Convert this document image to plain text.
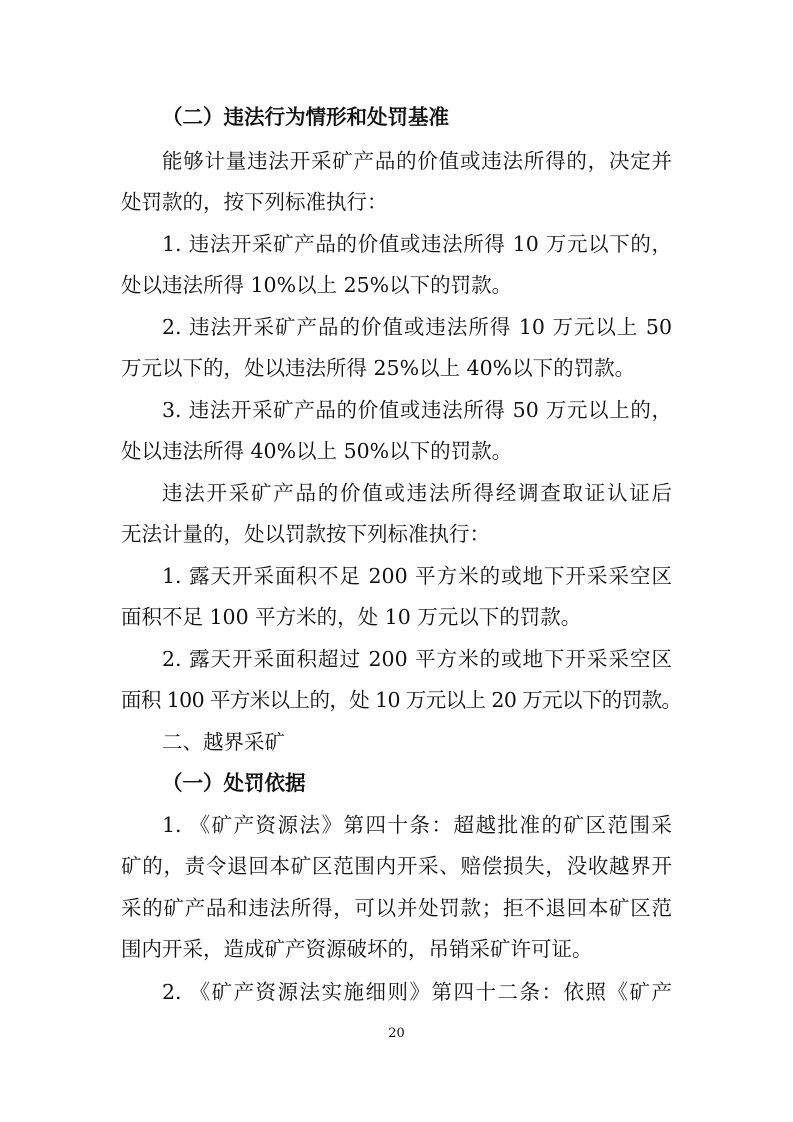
（二）违法行为情形和处罚基准
能够计量违法开采矿产品的价值或违法所得的，决定并
处罚款的，按下列标准执行：
1. 违法开采矿产品的价值或违法所得 10 万元以下的，
处以违法所得 10%以上 25%以下的罚款。
2. 违法开采矿产品的价值或违法所得 10 万元以上 50
万元以下的，处以违法所得 25%以上 40%以下的罚款。
3. 违法开采矿产品的价值或违法所得 50 万元以上的，
处以违法所得 40%以上 50%以下的罚款。
违法开采矿产品的价值或违法所得经调查取证认证后
无法计量的，处以罚款按下列标准执行：
1. 露天开采面积不足 200 平方米的或地下开采采空区
面积不足 100 平方米的，处 10 万元以下的罚款。
2. 露天开采面积超过 200 平方米的或地下开采采空区
面积 100 平方米以上的，处 10 万元以上 20 万元以下的罚款。
二、越界采矿
（一）处罚依据
1. 《矿产资源法》第四十条：超越批准的矿区范围采
矿的，责令退回本矿区范围内开采、赔偿损失，没收越界开
采的矿产品和违法所得，可以并处罚款；拒不退回本矿区范
围内开采，造成矿产资源破坏的，吊销采矿许可证。
2. 《矿产资源法实施细则》第四十二条：依照《矿产
20
